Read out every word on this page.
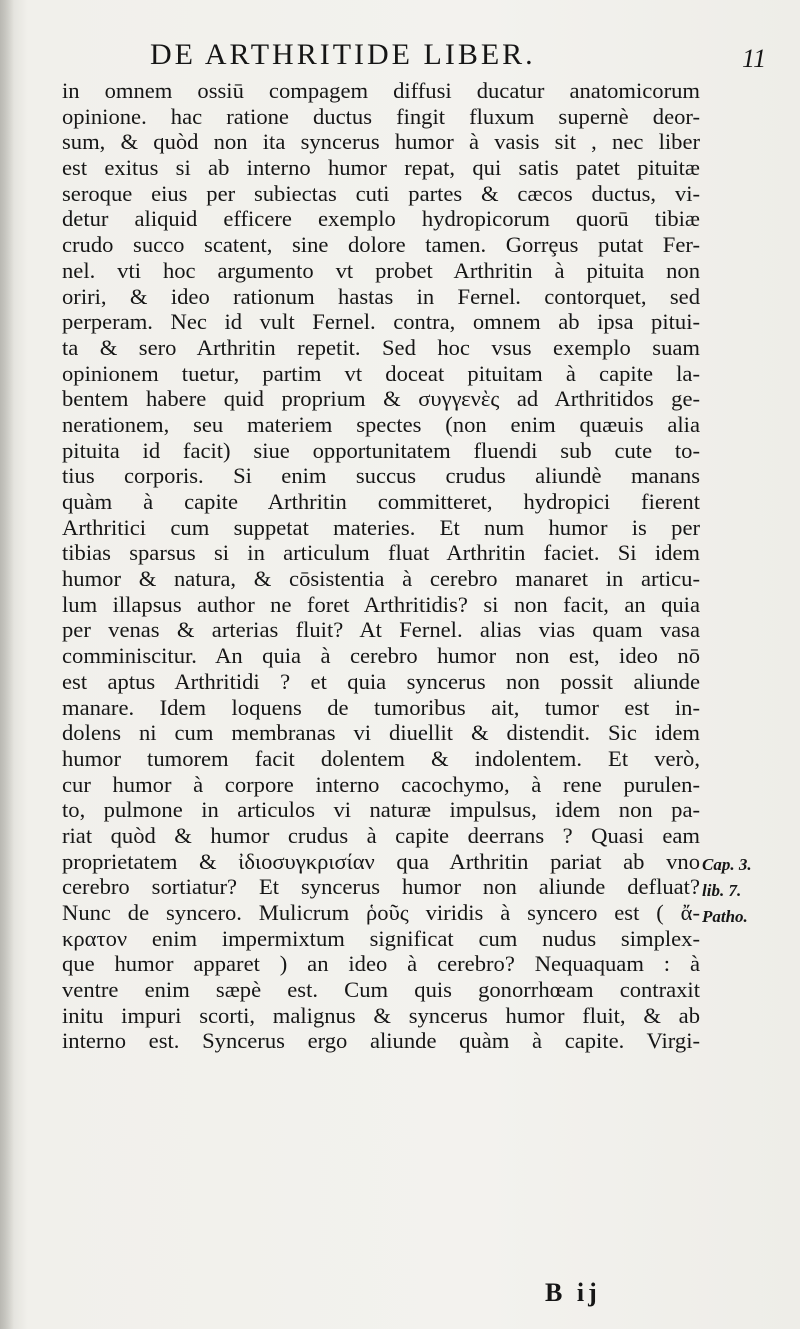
DE ARTHRITIDE LIBER.	11
in omnem ossiū compagem diffusi ducatur anatomicorum
opinione. hac ratione ductus fingit fluxum supernè deor-
sum, & quòd non ita syncerus humor à vasis sit , nec liber
est exitus si ab interno humor repat, qui satis patet pituitæ
seroque eius per subiectas cuti partes & cæcos ductus, vi-
detur aliquid efficere exemplo hydropicorum quorū tibiæ
crudo succo scatent, sine dolore tamen. Gorrȩus putat Fer-
nel. vti hoc argumento vt probet Arthritin à pituita non
oriri, & ideo rationum hastas in Fernel. contorquet, sed
perperam. Nec id vult Fernel. contra, omnem ab ipsa pitui-
ta & sero Arthritin repetit. Sed hoc vsus exemplo suam
opinionem tuetur, partim vt doceat pituitam à capite la-
bentem habere quid proprium & συγγενὲς ad Arthritidos ge-
nerationem, seu materiem spectes (non enim quæuis alia
pituita id facit) siue opportunitatem fluendi sub cute to-
tius corporis. Si enim succus crudus aliundè manans
quàm à capite Arthritin committeret, hydropici fierent
Arthritici cum suppetat materies. Et num humor is per
tibias sparsus si in articulum fluat Arthritin faciet. Si idem
humor & natura, & cōsistentia à cerebro manaret in articu-
lum illapsus author ne foret Arthritidis? si non facit, an quia
per venas & arterias fluit? At Fernel. alias vias quam vasa
comminiscitur. An quia à cerebro humor non est, ideo nō
est aptus Arthritidi ? et quia syncerus non possit aliunde
manare. Idem loquens de tumoribus ait, tumor est in-
dolens ni cum membranas vi diuellit & distendit. Sic idem
humor tumorem facit dolentem & indolentem. Et verò,
cur humor à corpore interno cacochymo, à rene purulen-
to, pulmone in articulos vi naturæ impulsus, idem non pa-
riat quòd & humor crudus à capite deerrans ? Quasi eam
proprietatem & ἰδιοσυγκρισίαν qua Arthritin pariat ab vno
cerebro sortiatur? Et syncerus humor non aliunde defluat?
Nunc de syncero. Mulicrum ῥοῦς viridis à syncero est ( ἄ-
κρατον enim impermixtum significat cum nudus simplex-
que humor apparet ) an ideo à cerebro? Nequaquam : à
ventre enim sæpè est. Cum quis gonorrhœam contraxit
initu impuri scorti, malignus & syncerus humor fluit, & ab
interno est. Syncerus ergo aliunde quàm à capite. Virgi-
Cap. 3.
lib. 7.
Patho.
B ij
